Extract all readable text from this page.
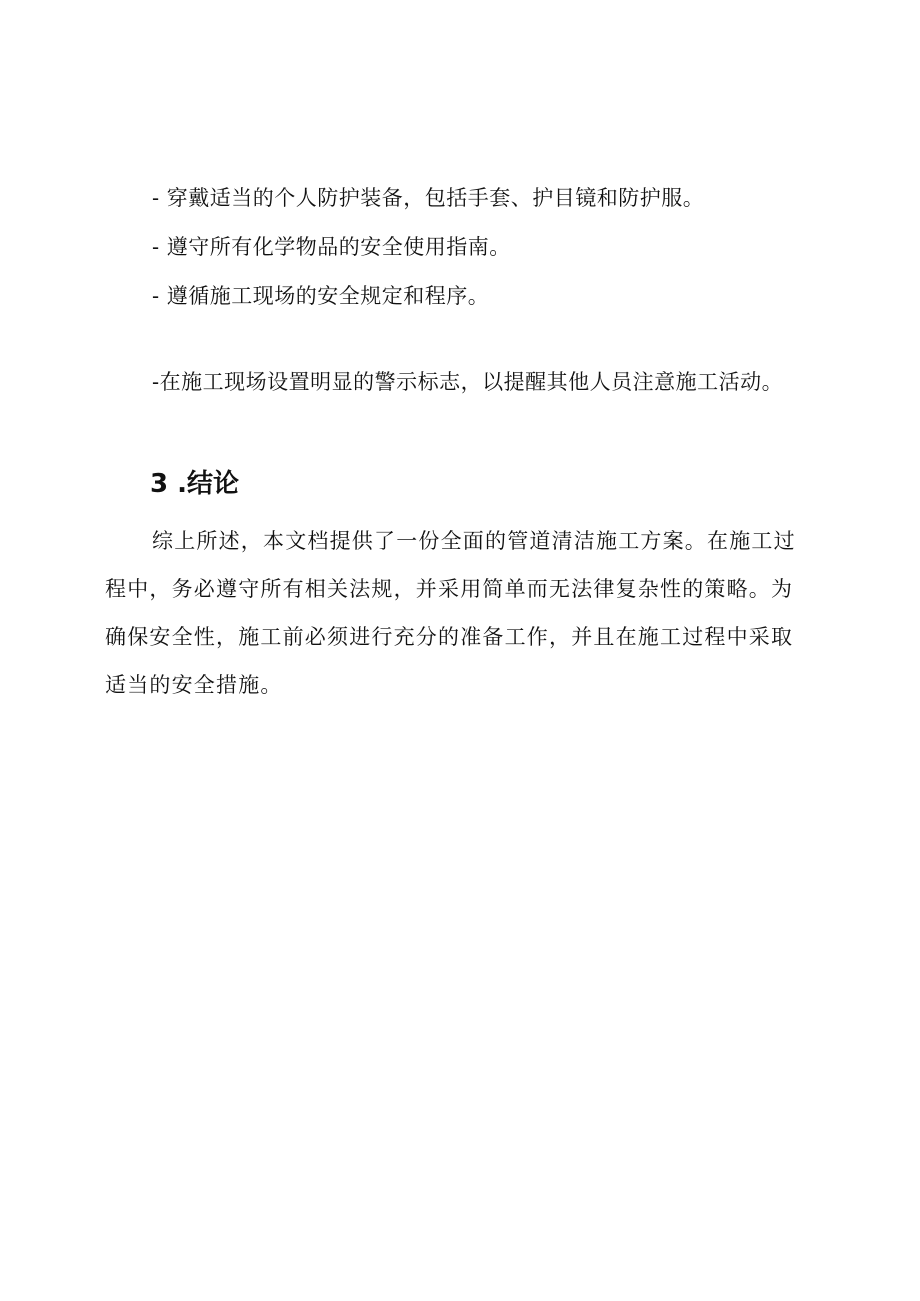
- 穿戴适当的个人防护装备，包括手套、护目镜和防护服。
- 遵守所有化学物品的安全使用指南。
- 遵循施工现场的安全规定和程序。

-在施工现场设置明显的警示标志，以提醒其他人员注意施工活动。

3 .结论

综上所述，本文档提供了一份全面的管道清洁施工方案。在施工过程中，务必遵守所有相关法规，并采用简单而无法律复杂性的策略。为确保安全性，施工前必须进行充分的准备工作，并且在施工过程中采取适当的安全措施。
